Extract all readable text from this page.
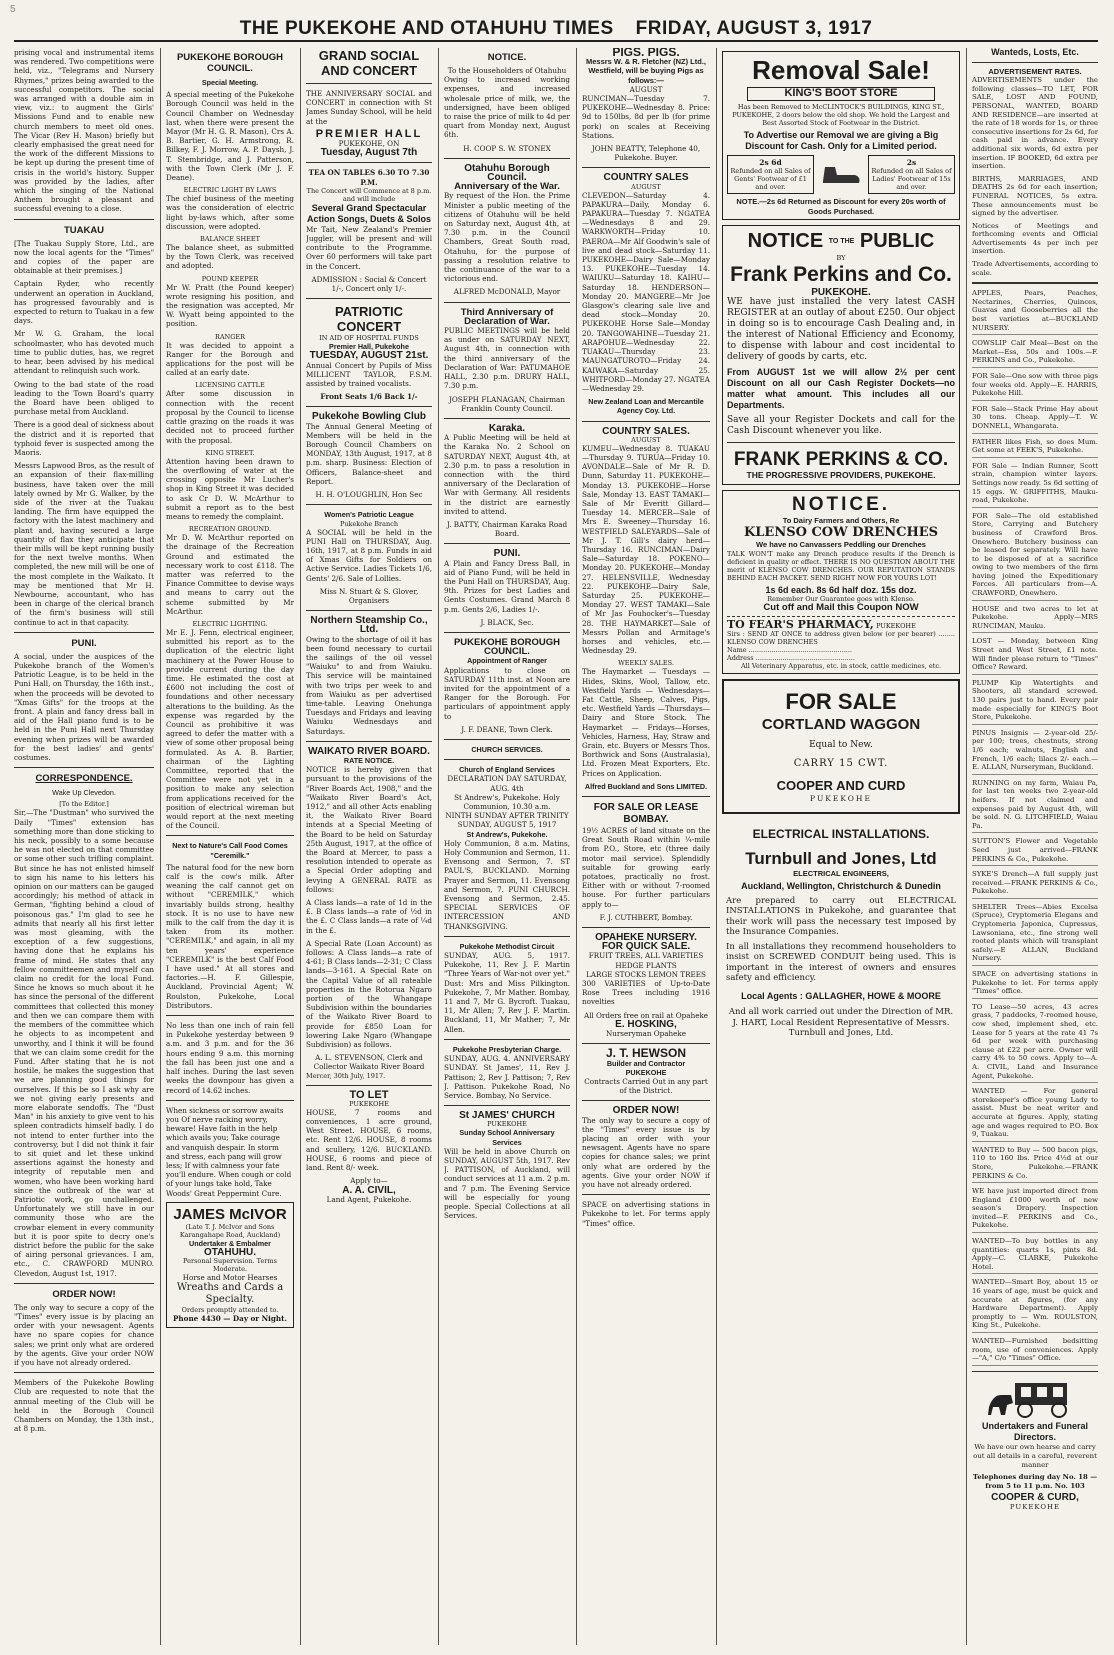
5
THE PUKEKOHE AND OTAHUHU TIMES FRIDAY, AUGUST 3, 1917

prising vocal and instrumental items was rendered. Two competitions were held, viz., "Telegrams and Nursery Rhymes," prizes being awarded to the successful competitors. The social was arranged with a double aim in view, viz.: to augment the Girls' Missions Fund and to enable new church members to meet old ones. The Vicar (Rev H. Mason) briefly but clearly emphasised the great need for the work of the different Missions to be kept up during the present time of crisis in the world's history. Supper was provided by the ladies, after which the singing of the National Anthem brought a pleasant and successful evening to a close.

TUAKAU

[The Tuakau Supply Store, Ltd., are now the local agents for the "Times" and copies of the paper are obtainable at their premises.]

Captain Ryder, who recently underwent an operation in Auckland, has progressed favourably and is expected to return to Tuakau in a few days.

Mr W. G. Graham, the local schoolmaster, who has devoted much time to public duties, has, we regret to hear, been advised by his medical attendant to relinquish such work.

Owing to the bad state of the road leading to the Town Board's quarry the Board have been obliged to purchase metal from Auckland.

There is a good deal of sickness about the district and it is reported that typhoid fever is suspected among the Maoris.

Messrs Lapwood Bros, as the result of an expansion of their flax-milling business, have taken over the mill lately owned by Mr G. Walker, by the side of the river at the Tuakau landing. The firm have equipped the factory with the latest machinery and plant and, having secured a large quantity of flax they anticipate that their mills will be kept running busily for the next twelve months. When completed, the new mill will be one of the most complete in the Waikato. It may be mentioned that Mr H. Newbourne, accountant, who has been in charge of the clerical branch of the firm's business will still continue to act in that capacity.

PUNI.

A social, under the auspices of the Pukekohe branch of the Women's Patriotic League, is to be held in the Puni Hall, on Thursday, the 16th inst., when the proceeds will be devoted to "Xmas Gifts" for the troops at the front. A plain and fancy dress ball in aid of the Hall piano fund is to be held in the Puni Hall next Thursday evening when prizes will be awarded for the best ladies' and gents' costumes.

CORRESPONDENCE.
Wake Up Clevedon.
[To the Editor.]

Sir,—The "Dustman" who survived the Daily "Times" extension has something more than done sticking to his neck, possibly to a some because he was not elected on that committee or some other such trifling complaint. But since he has not enlisted himself to sign his name to his letters his opinion on our matters can be gauged accordingly; his method of attack in German, "fighting behind a cloud of poisonous gas." I'm glad to see he admits that nearly all his first letter was most gleaming, with the exception of a few suggestions, having done that he explains his frame of mind. He states that any fellow committeemen and myself can claim no credit for the local Fund. Since he knows so much about it he has since the personal of the different committees that collected this money and then we can compare them with the members of the committee which he objects to as incompetent and unworthy, and I think it will be found that we can claim some credit for the Fund. After stating that he is not hostile, he makes the suggestion that we are planning good things for ourselves. If this be so I ask why are we not giving early presents and more elaborate sendoffs. The "Dust Man" in his anxiety to give vent to his spleen contradicts himself badly. I do not intend to enter further into the controversy, but I did not think it fair to sit quiet and let these unkind assertions against the honesty and integrity of reputable men and women, who have been working hard since the outbreak of the war at Patriotic work, go unchallenged. Unfortunately we still have in our community those who are the crowbar element in every community but it is poor spite to decry one's district before the public for the sake of airing personal grievances. I am, etc., C. CRAWFORD MUNRO. Clevedon, August 1st, 1917.

ORDER NOW!

The only way to secure a copy of the "Times" every issue is by placing an order with your newsagent. Agents have no spare copies for chance sales; we print only what are ordered by the agents. Give your order NOW if you have not already ordered.

Members of the Pukekohe Bowling Club are requested to note that the annual meeting of the Club will be held in the Borough Council Chambers on Monday, the 13th inst., at 8 p.m.

PUKEKOHE BOROUGH COUNCIL.
Special Meeting.

A special meeting of the Pukekohe Borough Council was held in the Council Chamber on Wednesday last, when there were present the Mayor (Mr H. G. R. Mason), Crs A. B. Bartier, G. H. Armstrong, R. Bilkey, F. J. Morrow, A. P. Daysh, J. T. Stembridge, and J. Patterson, with the Town Clerk (Mr J. F. Deane).

ELECTRIC LIGHT BY LAWS

The chief business of the meeting was the consideration of electric light by-laws which, after some discussion, were adopted.

BALANCE SHEET

The balance sheet, as submitted by the Town Clerk, was received and adopted.

POUND KEEPER

Mr W. Pratt (the Pound keeper) wrote resigning his position, and the resignation was accepted, Mr W. Wyatt being appointed to the position.

RANGER

It was decided to appoint a Ranger for the Borough and applications for the post will be called at an early date.

LICENSING CATTLE

After some discussion in connection with the recent proposal by the Council to license cattle grazing on the roads it was decided not to proceed further with the proposal.

KING STREET.

Attention having been drawn to the overflowing of water at the crossing opposite Mr Lucher's shop in King Street it was decided to ask Cr D. W. McArthur to submit a report as to the best means to remedy the complaint.

RECREATION GROUND.

Mr D. W. McArthur reported on the drainage of the Recreation Ground and estimated the necessary work to cost £118. The matter was referred to the Finance Committee to devise ways and means to carry out the scheme submitted by Mr McArthur.

ELECTRIC LIGHTING.

Mr E. J. Fenn, electrical engineer, submitted his report as to the duplication of the electric light machinery at the Power House to provide current during the day time. He estimated the cost at £600 not including the cost of foundations and other necessary alterations to the building. As the expense was regarded by the Council as prohibitive it was agreed to defer the matter with a view of some other proposal being formulated. As A. B. Bartier, chairman of the Lighting Committee, reported that the Committee were not yet in a position to make any selection from applications received for the position of electrical wireman but would report at the next meeting of the Council.

Next to Nature's Call Food Comes "Ceremilk."

The natural food for the new born calf is the cow's milk. After weaning the calf cannot get on without "CEREMILK," which invariably builds strong, healthy stock. It is no use to have new milk to the calf from the day it is taken from its mother. "CEREMILK," and again, in all my ten years' experience "CEREMILK" is the best Calf Food I have used." At all stores and factories.—H. F. Gillespie, Auckland, Provincial Agent; W. Roulston, Pukekohe, Local Distributors.

No less than one inch of rain fell in Pukekohe yesterday between 9 a.m. and 3 p.m. and for the 36 hours ending 9 a.m. this morning the fall has been just one and a half inches. During the last seven weeks the downpour has given a record of 14.62 inches.

When sickness or sorrow awaits you Of nerve racking worry, beware! Have faith in the help which avails you; Take courage and vanquish despair. In storm and stress, each pang will grow less; If with calmness your fate you'll endure. When cough or cold of your lungs take hold, Take Woods' Great Peppermint Cure.

JAMES McIVOR
(Late T. J. McIvor and Sons Karangahape Road, Auckland)
Undertaker & Embalmer
OTAHUHU.
Personal Supervision. Terms Moderate.
Horse and Motor Hearses
Wreaths and Cards a Specialty.
Orders promptly attended to.
Phone 4430 — Day or Night.
GRAND SOCIAL AND CONCERT

THE ANNIVERSARY SOCIAL and CONCERT in connection with St James Sunday School, will be held at the

PREMIER HALL
PUKEKOHE, ON
Tuesday, August 7th
TEA ON TABLES 6.30 TO 7.30 P.M.
The Concert will Commence at 8 p.m. and will include
Several Grand Spectacular Action Songs, Duets & Solos

Mr Tait, New Zealand's Premier Juggler, will be present and will contribute to the Programme. Over 60 performers will take part in the Concert.

ADMISSION : Social & Concert 1/-, Concert only 1/-.
PATRIOTIC CONCERT
IN AID OF HOSPITAL FUNDS
Premier Hall, Pukekohe
TUESDAY, AUGUST 21st.

Annual Concert by Pupils of Miss MILLICENT TAYLOR, F.S.M. assisted by trained vocalists.

Front Seats 1/6 Back 1/-
Pukekohe Bowling Club

The Annual General Meeting of Members will be held in the Borough Council Chambers on MONDAY, 13th August, 1917, at 8 p.m. sharp. Business: Election of Officers, Balance-sheet and Report.

H. H. O'LOUGHLIN, Hon Sec
Women's Patriotic League
Pukekohe Branch

A SOCIAL will be held in the PUNI Hall on THURSDAY, Aug. 16th, 1917, at 8 p.m. Funds in aid of Xmas Gifts for Soldiers on Active Service. Ladies Tickets 1/6, Gents' 2/6. Sale of Lollies.

Miss N. Stuart & S. Glover, Organisers
Northern Steamship Co., Ltd.

Owing to the shortage of oil it has been found necessary to curtail the sailings of the oil vessel "Waiuku" to and from Waiuku. This service will be maintained with two trips per week to and from Waiuku as per advertised time-table. Leaving Onehunga Tuesdays and Fridays and leaving Waiuku Wednesdays and Saturdays.

WAIKATO RIVER BOARD.
RATE NOTICE.

NOTICE is hereby given that pursuant to the provisions of the "River Boards Act, 1908," and the "Waikato River Board's Act, 1912," and all other Acts enabling it, the Waikato River Board intends at a Special Meeting of the Board to be held on Saturday 25th August, 1917, at the office of the Board at Mercer, to pass a resolution intended to operate as a Special Order adopting and levying A GENERAL RATE as follows:

A Class lands—a rate of 1d in the £. B Class lands—a rate of ½d in the £. C Class lands—a rate of ¼d in the £.

A Special Rate (Loan Account) as follows: A Class lands—a rate of 4-61; B Class lands—2-31; C Class lands—3-161. A Special Rate on the Capital Value of all rateable properties in the Rotorua Ngaro portion of the Whangape Subdivision within the boundaries of the Waikato River Board to provide for £850 Loan for lowering Lake Ngaro (Whangape Subdivision) as follows.

A. L. STEVENSON, Clerk and Collector Waikato River Board
Mercer, 30th July, 1917.
TO LET
PUKEKOHE

HOUSE, 7 rooms and conveniences, 1 acre ground, West Street. HOUSE, 6 rooms, etc. Rent 12/6. HOUSE, 8 rooms and scullery, 12/6. BUCKLAND. HOUSE, 6 rooms and piece of land. Rent 8/- week.

Apply to—
A. A. CIVIL,
Land Agent, Pukekohe.
NOTICE.
To the Householders of Otahuhu

Owing to increased working expenses, and increased wholesale price of milk, we, the undersigned, have been obliged to raise the price of milk to 4d per quart from Monday next, August 6th.

H. COOP S. W. STONEX
Otahuhu Borough Council.
Anniversary of the War.

By request of the Hon. the Prime Minister a public meeting of the citizens of Otahuhu will be held on Saturday next, August 4th, at 7.30 p.m. in the Council Chambers, Great South road, Otahuhu, for the purpose of passing a resolution relative to the continuance of the war to a victorious end.

ALFRED McDONALD, Mayor
Third Anniversary of Declaration of War.

PUBLIC MEETINGS will be held as under on SATURDAY NEXT, August 4th, in connection with the third anniversary of the Declaration of War: PATUMAHOE HALL, 2.30 p.m. DRURY HALL, 7.30 p.m.

JOSEPH FLANAGAN, Chairman Franklin County Council.
Karaka.

A Public Meeting will be held at the Karaka No. 2 School on SATURDAY NEXT, August 4th, at 2.30 p.m. to pass a resolution in connection with the third anniversary of the Declaration of War with Germany. All residents in the district are earnestly invited to attend.

J. BATTY, Chairman Karaka Road Board.
PUNI.

A Plain and Fancy Dress Ball, in aid of Piano Fund, will be held in the Puni Hall on THURSDAY, Aug. 9th. Prizes for best Ladies and Gents Costumes. Grand March 8 p.m. Gents 2/6, Ladies 1/-.

J. BLACK, Sec.
PUKEKOHE BOROUGH COUNCIL.
Appointment of Ranger

Applications to close on SATURDAY 11th inst. at Noon are invited for the appointment of a Ranger for the Borough. For particulars of appointment apply to

J. F. DEANE, Town Clerk.
CHURCH SERVICES.
Church of England Services
DECLARATION DAY SATURDAY, AUG. 4th
St Andrew's, Pukekohe. Holy Communion, 10.30 a.m.
NINTH SUNDAY AFTER TRINITY
SUNDAY, AUGUST 5, 1917
St Andrew's, Pukekohe.

Holy Communion, 8 a.m. Matins, Holy Communion and Sermon, 11. Evensong and Sermon, 7. ST PAUL'S, BUCKLAND. Morning Prayer and Sermon, 11. Evensong and Sermon, 7. PUNI CHURCH. Evensong and Sermon, 2.45. SPECIAL SERVICES OF INTERCESSION AND THANKSGIVING.

Pukekohe Methodist Circuit

SUNDAY, AUG. 5, 1917. Pukekohe, 11, Rev J. F. Martin "Three Years of War-not over yet." Dust: Mrs and Miss Pilkington. Pukekohe, 7, Mr Mather. Bombay, 11 and 7, Mr G. Bycroft. Tuakau, 11, Mr Allen; 7, Rev J. F. Martin. Buckland, 11, Mr Mather; 7, Mr Allen.

Pukekohe Presbyterian Charge.

SUNDAY, AUG. 4. ANNIVERSARY SUNDAY. St James', 11, Rev J. Pattison; 2, Rev J. Pattison; 7, Rev J. Pattison. Pukekohe Road, No Service. Bombay, No Service.

St JAMES' CHURCH
PUKEKOHE
Sunday School Anniversary Services

Will be held in above Church on SUNDAY, AUGUST 5th, 1917. Rev J. PATTISON, of Auckland, will conduct services at 11 a.m. 2 p.m. and 7 p.m. The Evening Service will be especially for young people. Special Collections at all Services.

PIGS. PIGS.
Messrs W. & R. Fletcher (NZ) Ltd., Westfield, will be buying Pigs as follows:—
AUGUST

RUNCIMAN—Tuesday 7. PUKEKOHE—Wednesday 8. Price: 9d to 150lbs, 8d per lb (for prime pork) on scales at Receiving Stations.

JOHN BEATTY, Telephone 40, Pukekohe. Buyer.
COUNTRY SALES
AUGUST

CLEVEDON—Saturday 4. PAPAKURA—Daily, Monday 6. PAPAKURA—Tuesday 7. NGATEA—Wednesdays 8 and 29. WARKWORTH—Friday 10. PAEROA—Mr Alf Goodwin's sale of live and dead stock—Saturday 11. PUKEKOHE—Dairy Sale—Monday 13. PUKEKOHE—Tuesday 14. WAIUKU—Saturday 18. KAIHU—Saturday 18. HENDERSON—Monday 20. MANGERE—Mr Joe Glasgow's clearing sale live and dead stock—Monday 20. PUKEKOHE Horse Sale—Monday 20. TANGOWAHINE—Tuesday 21. ARAPOHUE—Wednesday 22. TUAKAU—Thursday 23. MAUNGATUROTO—Friday 24. KAIWAKA—Saturday 25. WHITFORD—Monday 27. NGATEA—Wednesday 29.

New Zealand Loan and Mercantile Agency Coy. Ltd.
COUNTRY SALES.
AUGUST

KUMEU—Wednesday 8. TUAKAU—Thursday 9. TURUA—Friday 10. AVONDALE—Sale of Mr R. D. Dunn, Saturday 11. PUKEKOHE—Monday 13. PUKEKOHE—Horse Sale, Monday 13. EAST TAMAKI—Sale of Mr Everitt Gillard—Tuesday 14. MERCER—Sale of Mrs E. Sweeney—Thursday 16. WESTFIELD SALEYARDS—Sale of Mr J. T. Gill's dairy herd—Thursday 16. RUNCIMAN—Dairy Sale—Saturday 18. POKENO—Monday 20. PUKEKOHE—Monday 27. HELENSVILLE, Wednesday 22. PUKEKOHE—Dairy Sale, Saturday 25. PUKEKOHE—Monday 27. WEST TAMAKI—Sale of Mr Jas Fouhocker's—Tuesday 28. THE HAYMARKET—Sale of Messrs Pollan and Armitage's horses and vehicles, etc.—Wednesday 29.

WEEKLY SALES.

The Haymarket — Tuesdays — Hides, Skins, Wool, Tallow, etc. Westfield Yards — Wednesdays—Fat Cattle, Sheep, Calves, Pigs, etc. Westfield Yards —Thursdays—Dairy and Store Stock. The Haymarket — Fridays—Horses, Vehicles, Harness, Hay, Straw and Grain, etc. Buyers or Messrs Thos. Borthwick and Sons (Australasia), Ltd. Frozen Meat Exporters, Etc. Prices on Application.

Alfred Buckland and Sons LIMITED.
FOR SALE OR LEASE BOMBAY.

19½ ACRES of land situate on the Great South Road within ¼-mile from P.O., Store, etc (three daily motor mail service). Splendidly suitable for growing early potatoes, practically no frost. Either with or without 7-roomed house. For further particulars apply to—

F. J. CUTHBERT, Bombay.
OPAHEKE NURSERY.
FOR QUICK SALE.
FRUIT TREES, ALL VARIETIES HEDGE PLANTS
LARGE STOCKS LEMON TREES

300 VARIETIES of Up-to-Date Rose Trees including 1916 novelties

All Orders free on rail at Opaheke
E. HOSKING,
Nurseryman Opaheke
J. T. HEWSON
Builder and Contractor
PUKEKOHE

Contracts Carried Out in any part of the District.

ORDER NOW!

The only way to secure a copy of the "Times" every issue is by placing an order with your newsagent. Agents have no spare copies for chance sales; we print only what are ordered by the agents. Give your order NOW if you have not already ordered.

SPACE on advertising stations in Pukekohe to let. For terms apply "Times" office.

Removal Sale!
KING'S BOOT STORE
Has been Removed to McCLINTOCK'S BUILDINGS, KING ST., PUKEKOHE, 2 doors below the old shop. We hold the Largest and Best Assorted Stock of Footwear in the District.
To Advertise our Removal we are giving a Big Discount for Cash. Only for a Limited period.
2s 6d
Refunded on all Sales of Gents' Footwear of £1 and over.
2s
Refunded on all Sales of Ladies' Footwear of 15s and over.
NOTE.—2s 6d Returned as Discount for every 20s worth of Goods Purchased.
NOTICE TO THE PUBLIC
BY
Frank Perkins and Co.
PUKEKOHE.

WE have just installed the very latest CASH REGISTER at an outlay of about £250. Our object in doing so is to encourage Cash Dealing and, in the interest of National Efficiency and Economy, to dispense with labour and cost incidental to delivery of goods by carts, etc.

From AUGUST 1st we will allow 2½ per cent Discount on all our Cash Register Dockets—no matter what amount. This includes all our Departments.

Save all your Register Dockets and call for the Cash Discount whenever you like.

FRANK PERKINS & CO.
THE PROGRESSIVE PROVIDERS, PUKEKOHE.
NOTICE.
To Dairy Farmers and Others, Re
KLENSO COW DRENCHES
We have no Canvassers Peddling our Drenches

TALK WON'T make any Drench produce results if the Drench is deficient in quality or effect. THERE IS NO QUESTION ABOUT THE merit of KLENSO COW DRENCHES. OUR REPUTATION STANDS BEHIND EACH PACKET. SEND RIGHT NOW FOR YOURS LOT!

1s 6d each. 8s 6d half doz. 15s doz.
Remember Our Guarantee goes with Klenso.
Cut off and Mail this Coupon NOW
TO FEAR'S PHARMACY, PUKEKOHE
Sirs : SEND AT ONCE to address given below (or per bearer) ........ KLENSO COW DRENCHES
Name ..................................................
Address ................................................
All Veterinary Apparatus, etc. in stock, cattle medicines, etc.
FOR SALE
CORTLAND WAGGON
Equal to New.
CARRY 15 CWT.
COOPER AND CURD
PUKEKOHE
ELECTRICAL INSTALLATIONS.
Turnbull and Jones, Ltd
ELECTRICAL ENGINEERS,
Auckland, Wellington, Christchurch & Dunedin

Are prepared to carry out ELECTRICAL INSTALLATIONS in Pukekohe, and guarantee that their work will pass the necessary test imposed by the Insurance Companies.

In all installations they recommend householders to insist on SCREWED CONDUIT being used. This is important in the interest of owners and ensures safety and efficiency.

Local Agents : GALLAGHER, HOWE & MOORE

And all work carried out under the Direction of MR. J. HART, Local Resident Representative of Messrs. Turnbull and Jones, Ltd.

Wanteds, Losts, Etc.
ADVERTISEMENT RATES.

ADVERTISEMENTS under the following classes—TO LET, FOR SALE, LOST AND FOUND, PERSONAL, WANTED, BOARD AND RESIDENCE—are inserted at the rate of 18 words for 1s, or three consecutive insertions for 2s 6d, for cash paid in advance. Every additional six words, 6d extra per insertion. IF BOOKED, 6d extra per insertion.

BIRTHS, MARRIAGES, AND DEATHS 2s 6d for each insertion; FUNERAL NOTICES, 5s extra. These announcements must be signed by the advertiser.

Notices of Meetings and forthcoming events and Official Advertisements 4s per inch per insertion.

Trade Advertisements, according to scale.

APPLES, Pears, Peaches, Nectarines, Cherries, Quinces, Guavas and Gooseberries all the best varieties at—BUCKLAND NURSERY.

COWSLIP Calf Meal—Best on the Market—Ess, 50s and 100s.—F. PERKINS and Co., Pukekohe.

FOR Sale—One sow with three pigs four weeks old. Apply—E. HARRIS, Pukekohe Hill.

FOR Sale—Stack Prime Hay about 30 tons. Cheap. Apply—T. W. DONNELL, Whangarata.

FATHER likes Fish, so does Mum. Get some at FEEK'S, Pukekohe.

FOR Sale — Indian Runner, Scott strain, champion winter layers. Settings now ready. 5s 6d setting of 15 eggs. W. GRIFFITHS, Mauku-road, Pukekohe.

FOR Sale—The old established Store, Carrying and Butchery business of Crawford Bros. Onewhero. Butchery business can be leased for separately. Will have to be disposed of at a sacrifice owing to two members of the firm having joined the Expeditionary Forces. All particulars from—A. CRAWFORD, Onewhero.

HOUSE and two acres to let at Pukekohe. Apply—MRS RUNCIMAN, Mauku.

LOST — Monday, between King Street and West Street, £1 note. Will finder please return to "Times" Office? Reward.

PLUMP Kip Watertights and Shooters, all standard screwed. 130 pairs just to hand. Every pair made especially for KING'S Boot Store, Pukekohe.

PINUS Insignis — 2-year-old 25/- per 100; trees, chestnuts, strong 1/6 each; walnuts, English and French, 1/6 each; lilacs 2/- each.—E. ALLAN, Nurseryman, Buckland.

RUNNING on my farm, Waiau Pa, for last ten weeks two 2-year-old heifers. If not claimed and expenses paid by August 4th, will be sold. N. G. LITCHFIELD, Waiau Pa.

SUTTON'S Flower and Vegetable Seed just arrived—FRANK PERKINS & Co., Pukekohe.

SYKE'S Drench—A full supply just received.—FRANK PERKINS & Co., Pukekohe.

SHELTER Trees—Abies Excelsa (Spruce), Cryptomeria Elegans and Cryptomeria Japonica, Cupressus, Lawsoniana, etc., fine strong well rooted plants which will transplant safely.—E ALLAN, Buckland Nursery.

SPACE on advertising stations in Pukekohe to let. For terms apply "Times" office.

TO Lease—50 acres, 43 acres grass, 7 paddocks, 7-roomed house, cow shed, implement shed, etc. Lease for 5 years at the rate 41 7s 6d per week with purchasing clause at £22 per acre. Owner will carry 4% to 50 cows. Apply to—A. A. CIVIL, Land and Insurance Agent, Pukekohe.

WANTED — For general storekeeper's office young Lady to assist. Must be neat writer and accurate at figures. Apply, stating age and wages required to P.O. Box 9, Tuakau.

WANTED to Buy — 500 bacon pigs, 110 to 160 lbs. Price 4½d at our Store, Pukekohe.—FRANK PERKINS & Co.

WE have just imported direct from England £1000 worth of new season's Drapery. Inspection invited—F. PERKINS and Co., Pukekohe.

WANTED—To buy bottles in any quantities: quarts 1s, pints 8d. Apply—C. CLARKE, Pukekohe Hotel.

WANTED—Smart Boy, about 15 or 16 years of age, must be quick and accurate at figures, (for any Hardware Department). Apply promptly to — Wm. ROULSTON, King St., Pukekohe.

WANTED—Furnished bedsitting room, use of conveniences. Apply—"A," C/o "Times" Office.

Undertakers and Funeral Directors.

We have our own hearse and carry out all details in a careful, reverent manner

Telephones during day No. 18 — from 5 to 11 p.m. No. 103
COOPER & CURD,
PUKEKOHE
